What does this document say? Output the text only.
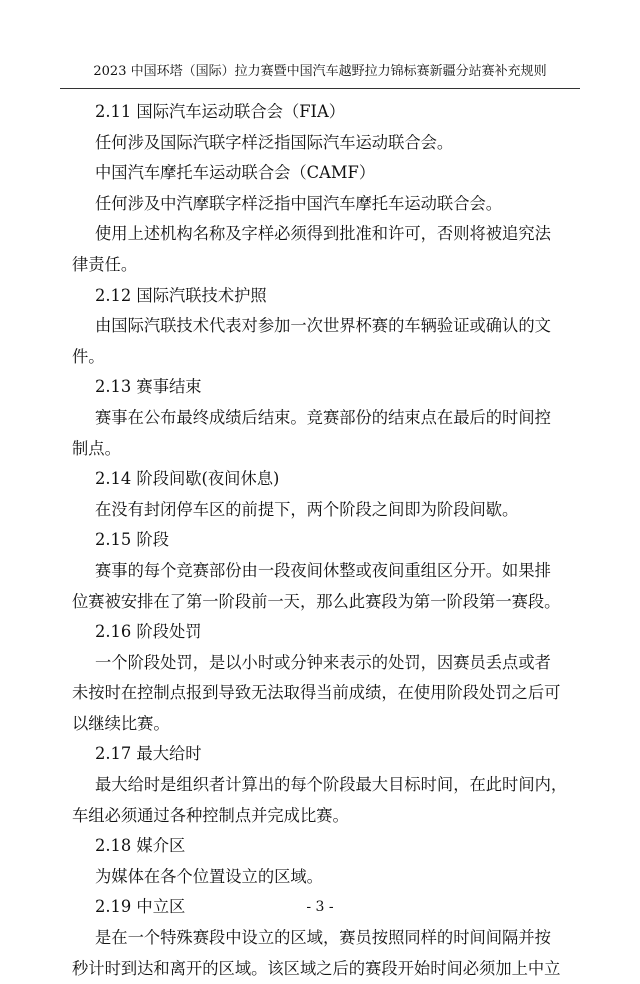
2023 中国环塔（国际）拉力赛暨中国汽车越野拉力锦标赛新疆分站赛补充规则
2.11 国际汽车运动联合会（FIA）
任何涉及国际汽联字样泛指国际汽车运动联合会。
中国汽车摩托车运动联合会（CAMF）
任何涉及中汽摩联字样泛指中国汽车摩托车运动联合会。
使用上述机构名称及字样必须得到批准和许可，否则将被追究法
律责任。
2.12 国际汽联技术护照
由国际汽联技术代表对参加一次世界杯赛的车辆验证或确认的文
件。
2.13 赛事结束
赛事在公布最终成绩后结束。竞赛部份的结束点在最后的时间控
制点。
2.14 阶段间歇(夜间休息)
在没有封闭停车区的前提下，两个阶段之间即为阶段间歇。
2.15 阶段
赛事的每个竞赛部份由一段夜间休整或夜间重组区分开。如果排
位赛被安排在了第一阶段前一天，那么此赛段为第一阶段第一赛段。
2.16 阶段处罚
一个阶段处罚，是以小时或分钟来表示的处罚，因赛员丢点或者
未按时在控制点报到导致无法取得当前成绩，在使用阶段处罚之后可
以继续比赛。
2.17 最大给时
最大给时是组织者计算出的每个阶段最大目标时间，在此时间内，
车组必须通过各种控制点并完成比赛。
2.18 媒介区
为媒体在各个位置设立的区域。
2.19 中立区
是在一个特殊赛段中设立的区域，赛员按照同样的时间间隔并按
秒计时到达和离开的区域。该区域之后的赛段开始时间必须加上中立
- 3 -
